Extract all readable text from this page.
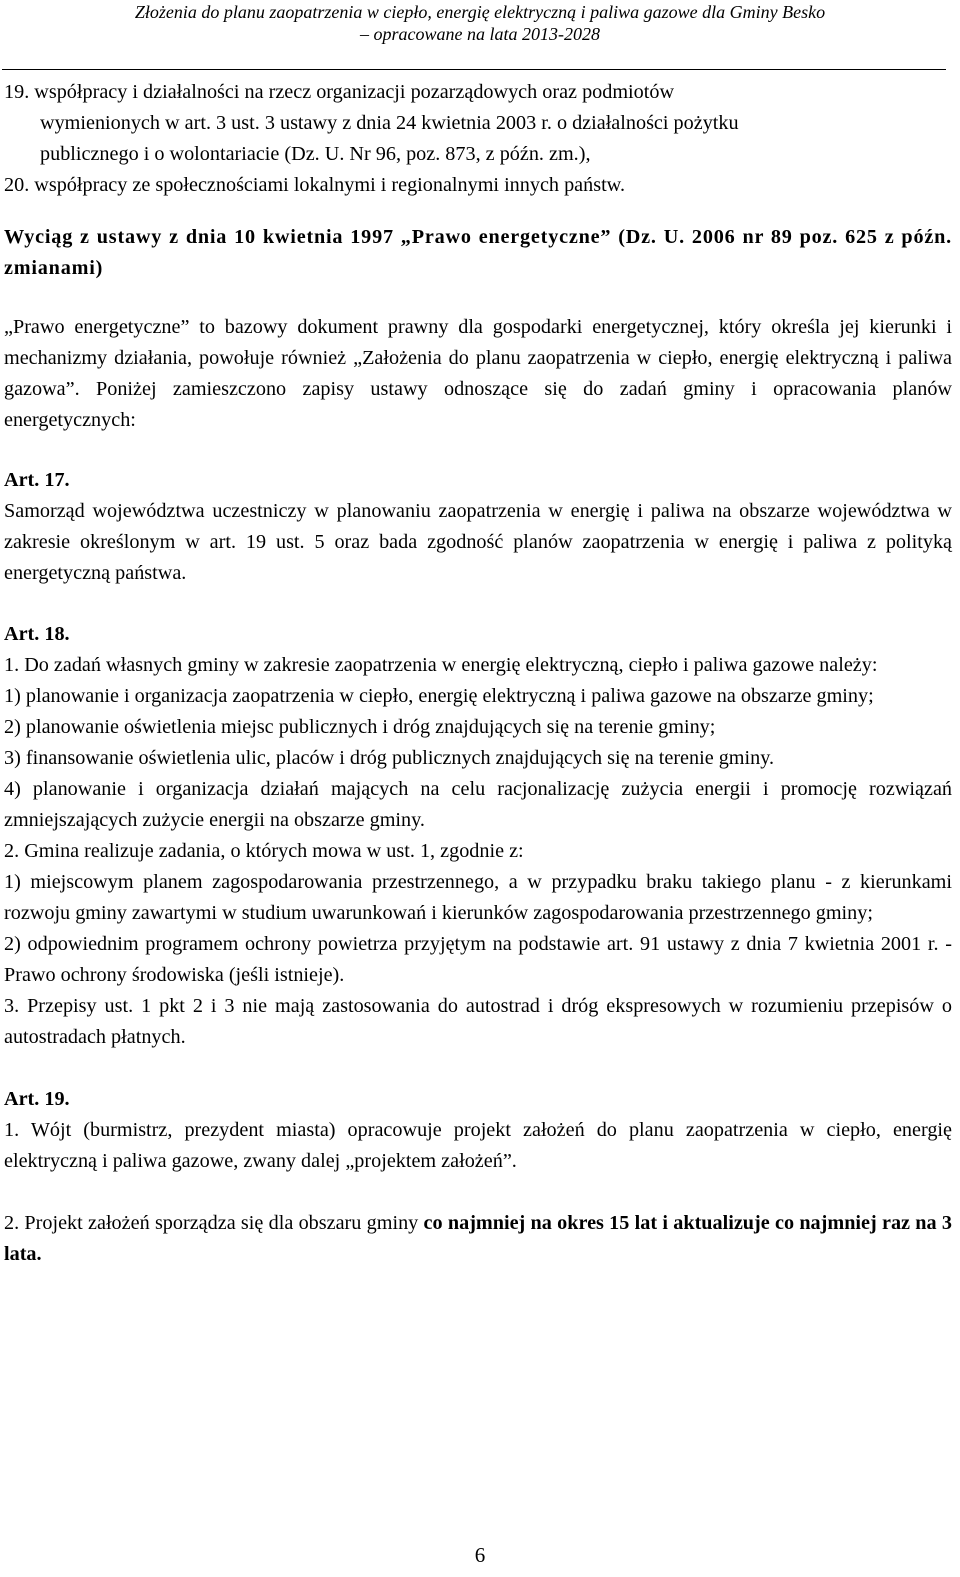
Złożenia do planu zaopatrzenia w ciepło, energię elektryczną i paliwa gazowe dla Gminy Besko
– opracowane na lata 2013-2028

19. współpracy i działalności na rzecz organizacji pozarządowych oraz podmiotów

wymienionych w art. 3 ust. 3 ustawy z dnia 24 kwietnia 2003 r. o działalności pożytku

publicznego i o wolontariacie (Dz. U. Nr 96, poz. 873, z późn. zm.),

20. współpracy ze społecznościami lokalnymi i regionalnymi innych państw.

Wyciąg z ustawy z dnia 10 kwietnia 1997 „Prawo energetyczne” (Dz. U. 2006 nr 89 poz. 625 z późn. zmianami)

„Prawo energetyczne” to bazowy dokument prawny dla gospodarki energetycznej, który określa jej kierunki i mechanizmy działania, powołuje również „Założenia do planu zaopatrzenia w ciepło, energię elektryczną i paliwa gazowa”. Poniżej zamieszczono zapisy ustawy odnoszące się do zadań gminy i opracowania planów energetycznych:

Art. 17.

Samorząd województwa uczestniczy w planowaniu zaopatrzenia w energię i paliwa na obszarze województwa w zakresie określonym w art. 19 ust. 5 oraz bada zgodność planów zaopatrzenia w energię i paliwa z polityką energetyczną państwa.

Art. 18.

1. Do zadań własnych gminy w zakresie zaopatrzenia w energię elektryczną, ciepło i paliwa gazowe należy:

1) planowanie i organizacja zaopatrzenia w ciepło, energię elektryczną i paliwa gazowe na obszarze gminy;

2) planowanie oświetlenia miejsc publicznych i dróg znajdujących się na terenie gminy;

3) finansowanie oświetlenia ulic, placów i dróg publicznych znajdujących się na terenie gminy.

4) planowanie i organizacja działań mających na celu racjonalizację zużycia energii i promocję rozwiązań zmniejszających zużycie energii na obszarze gminy.

2. Gmina realizuje zadania, o których mowa w ust. 1, zgodnie z:

1) miejscowym planem zagospodarowania przestrzennego, a w przypadku braku takiego planu - z kierunkami rozwoju gminy zawartymi w studium uwarunkowań i kierunków zagospodarowania przestrzennego gminy;

2) odpowiednim programem ochrony powietrza przyjętym na podstawie art. 91 ustawy z dnia 7 kwietnia 2001 r. - Prawo ochrony środowiska (jeśli istnieje).

3. Przepisy ust. 1 pkt 2 i 3 nie mają zastosowania do autostrad i dróg ekspresowych w rozumieniu przepisów o autostradach płatnych.

Art. 19.

1. Wójt (burmistrz, prezydent miasta) opracowuje projekt założeń do planu zaopatrzenia w ciepło, energię elektryczną i paliwa gazowe, zwany dalej „projektem założeń”.

2. Projekt założeń sporządza się dla obszaru gminy co najmniej na okres 15 lat i aktualizuje co najmniej raz na 3 lata.

6
